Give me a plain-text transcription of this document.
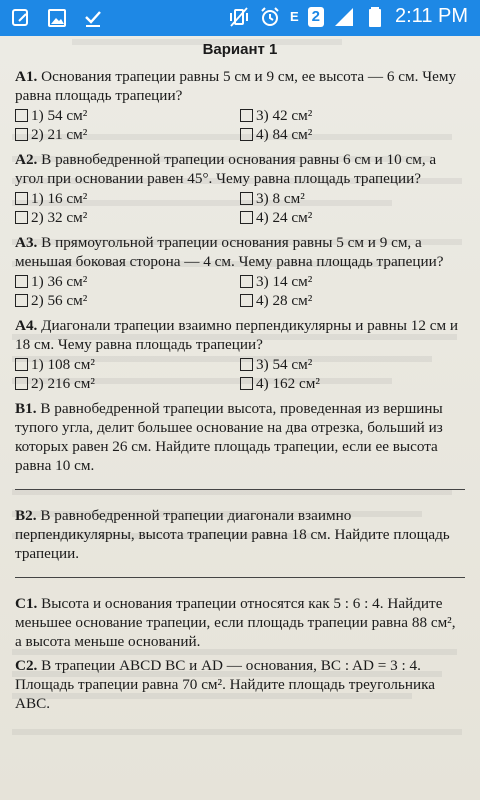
E 2	2:11 PM
Вариант 1

A1. Основания трапеции равны 5 см и 9 см, ее высота — 6 см. Чему равна площадь трапеции?

1) 54 см²	3) 42 см²
2) 21 см²	4) 84 см²

A2. В равнобедренной трапеции основания равны 6 см и 10 см, а угол при основании равен 45°. Чему равна площадь трапеции?

1) 16 см²	3) 8 см²
2) 32 см²	4) 24 см²

A3. В прямоугольной трапеции основания равны 5 см и 9 см, а меньшая боковая сторона — 4 см. Чему равна площадь трапеции?

1) 36 см²	3) 14 см²
2) 56 см²	4) 28 см²

A4. Диагонали трапеции взаимно перпендикулярны и равны 12 см и 18 см. Чему равна площадь трапеции?

1) 108 см²	3) 54 см²
2) 216 см²	4) 162 см²

B1. В равнобедренной трапеции высота, проведенная из вершины тупого угла, делит большее основание на два отрезка, больший из которых равен 26 см. Найдите площадь трапеции, если ее высота равна 10 см.

B2. В равнобедренной трапеции диагонали взаимно перпендикулярны, высота трапеции равна 18 см. Найдите площадь трапеции.

C1. Высота и основания трапеции относятся как 5 : 6 : 4. Найдите меньшее основание трапеции, если площадь трапеции равна 88 см², а высота меньше оснований.

C2. В трапеции ABCD BC и AD — основания, BC : AD = 3 : 4. Площадь трапеции равна 70 см². Найдите площадь треугольника ABC.
